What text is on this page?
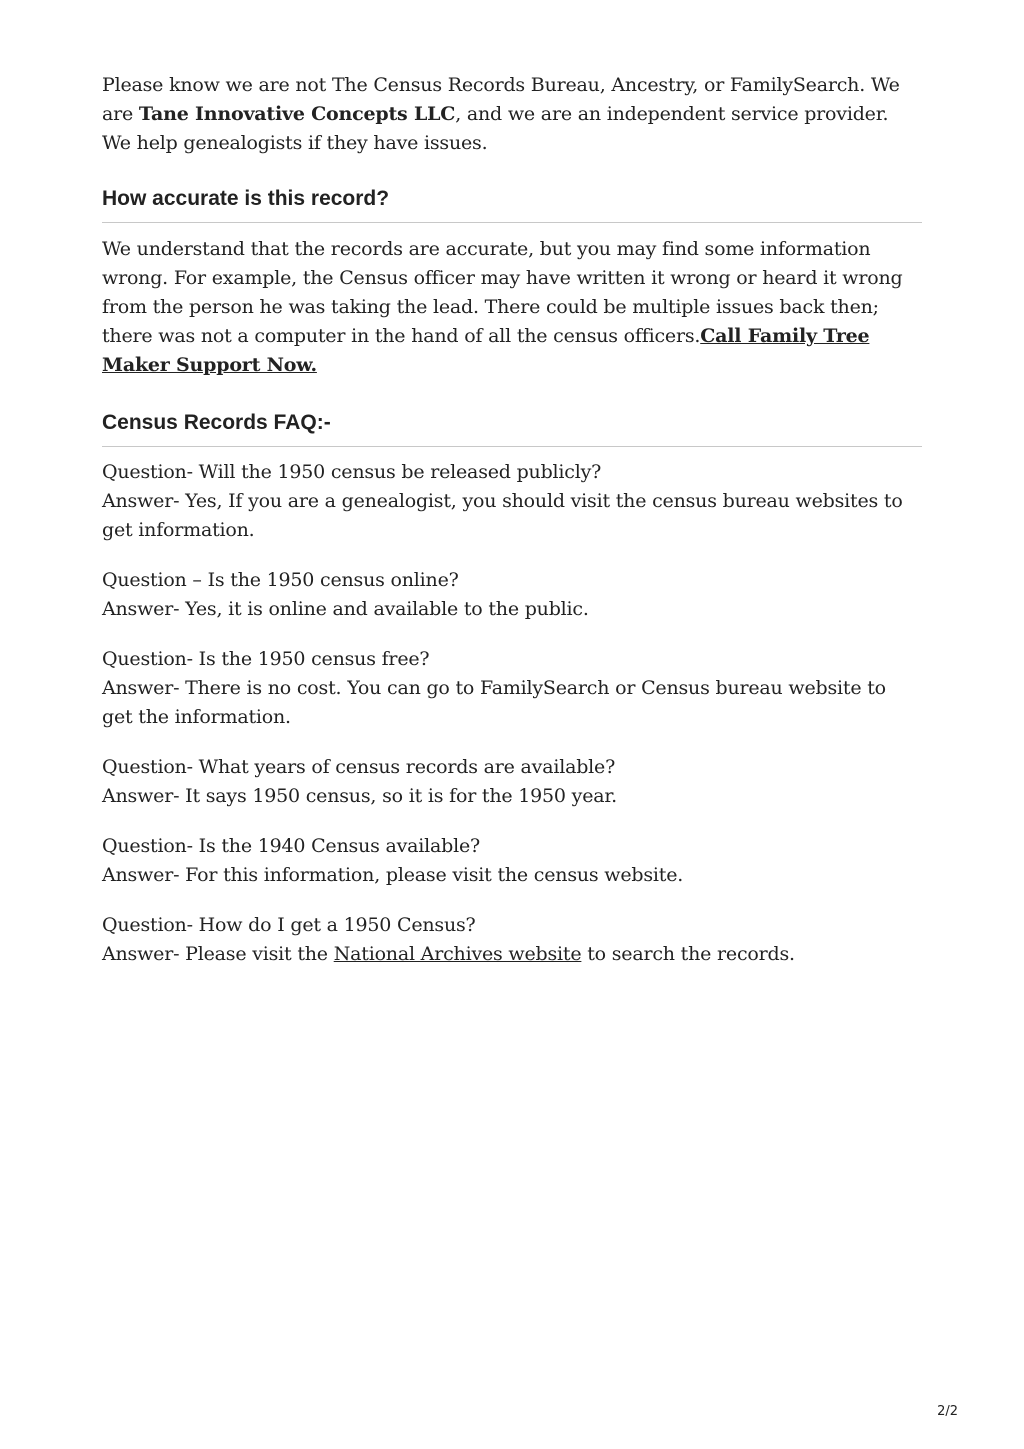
Please know we are not The Census Records Bureau, Ancestry, or FamilySearch. We are Tane Innovative Concepts LLC, and we are an independent service provider. We help genealogists if they have issues.

How accurate is this record?

We understand that the records are accurate, but you may find some information wrong. For example, the Census officer may have written it wrong or heard it wrong from the person he was taking the lead. There could be multiple issues back then; there was not a computer in the hand of all the census officers.Call Family Tree Maker Support Now.

Census Records FAQ:-

Question- Will the 1950 census be released publicly?
Answer- Yes, If you are a genealogist, you should visit the census bureau websites to get information.

Question – Is the 1950 census online?
Answer- Yes, it is online and available to the public.

Question- Is the 1950 census free?
Answer- There is no cost. You can go to FamilySearch or Census bureau website to get the information.

Question- What years of census records are available?
Answer- It says 1950 census, so it is for the 1950 year.

Question- Is the 1940 Census available?
Answer- For this information, please visit the census website.

Question- How do I get a 1950 Census?
Answer- Please visit the National Archives website to search the records.

2/2
